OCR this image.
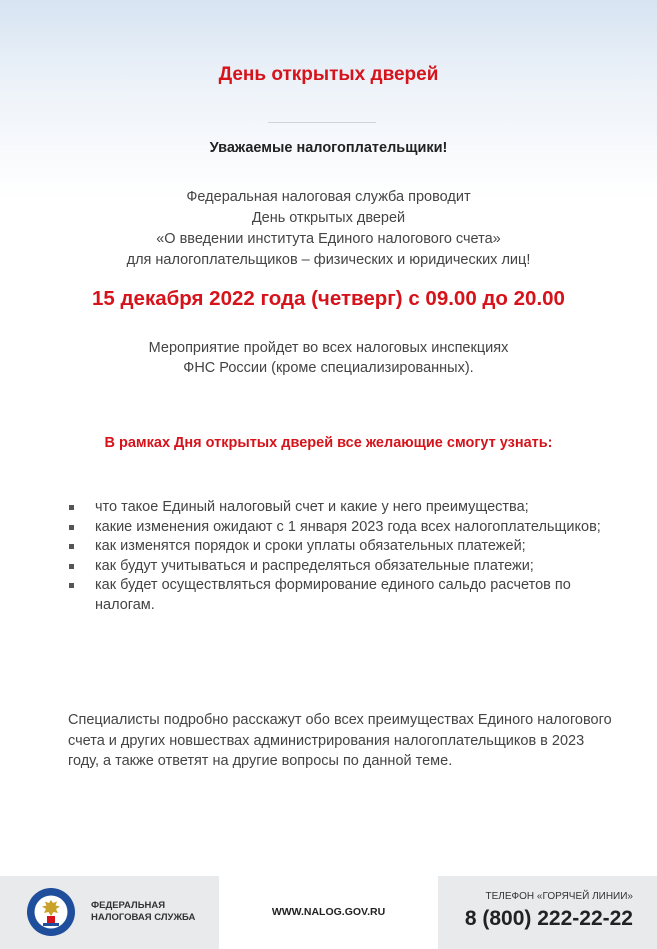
День открытых дверей
Уважаемые налогоплательщики!
Федеральная налоговая служба проводит
День открытых дверей
«О введении института Единого налогового счета»
для налогоплательщиков – физических и юридических лиц!
15 декабря 2022 года (четверг) с 09.00 до 20.00
Мероприятие пройдет во всех налоговых инспекциях
ФНС России (кроме специализированных).
В рамках Дня открытых дверей все желающие смогут узнать:
что такое Единый налоговый счет и какие у него преимущества;
какие изменения ожидают с 1 января 2023 года всех налогоплательщиков;
как изменятся порядок и сроки уплаты обязательных платежей;
как будут учитываться и распределяться обязательные платежи;
как будет осуществляться формирование единого сальдо расчетов по налогам.
Специалисты подробно расскажут обо всех преимуществах Единого налогового счета и других новшествах администрирования налогоплательщиков в 2023 году, а также ответят на другие вопросы по данной теме.
ФЕДЕРАЛЬНАЯ
НАЛОГОВАЯ СЛУЖБА	WWW.NALOG.GOV.RU
ТЕЛЕФОН «ГОРЯЧЕЙ ЛИНИИ»
8 (800) 222-22-22
